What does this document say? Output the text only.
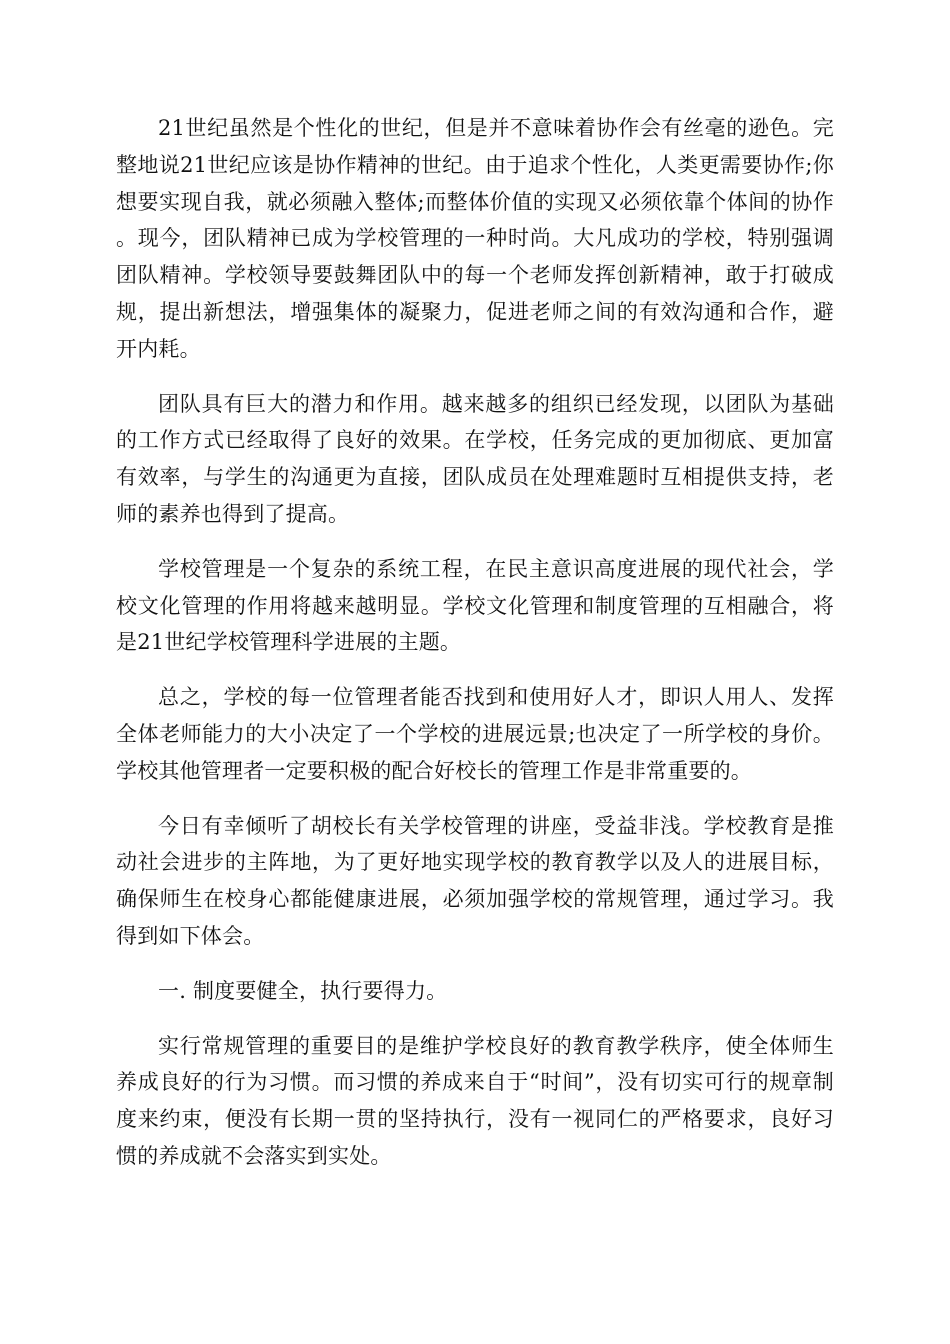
21世纪虽然是个性化的世纪，但是并不意味着协作会有丝毫的逊色。完整地说21世纪应该是协作精神的世纪。由于追求个性化，人类更需要协作;你想要实现自我，就必须融入整体;而整体价值的实现又必须依靠个体间的协作。现今，团队精神已成为学校管理的一种时尚。大凡成功的学校，特别强调团队精神。学校领导要鼓舞团队中的每一个老师发挥创新精神，敢于打破成规，提出新想法，增强集体的凝聚力，促进老师之间的有效沟通和合作，避开内耗。

团队具有巨大的潜力和作用。越来越多的组织已经发现，以团队为基础的工作方式已经取得了良好的效果。在学校，任务完成的更加彻底、更加富有效率，与学生的沟通更为直接，团队成员在处理难题时互相提供支持，老师的素养也得到了提高。

学校管理是一个复杂的系统工程，在民主意识高度进展的现代社会，学校文化管理的作用将越来越明显。学校文化管理和制度管理的互相融合，将是21世纪学校管理科学进展的主题。

总之，学校的每一位管理者能否找到和使用好人才，即识人用人、发挥全体老师能力的大小决定了一个学校的进展远景;也决定了一所学校的身价。学校其他管理者一定要积极的配合好校长的管理工作是非常重要的。

今日有幸倾听了胡校长有关学校管理的讲座，受益非浅。学校教育是推动社会进步的主阵地，为了更好地实现学校的教育教学以及人的进展目标，确保师生在校身心都能健康进展，必须加强学校的常规管理，通过学习。我得到如下体会。

一. 制度要健全，执行要得力。

实行常规管理的重要目的是维护学校良好的教育教学秩序，使全体师生养成良好的行为习惯。而习惯的养成来自于“时间”，没有切实可行的规章制度来约束，便没有长期一贯的坚持执行，没有一视同仁的严格要求，良好习惯的养成就不会落实到实处。
